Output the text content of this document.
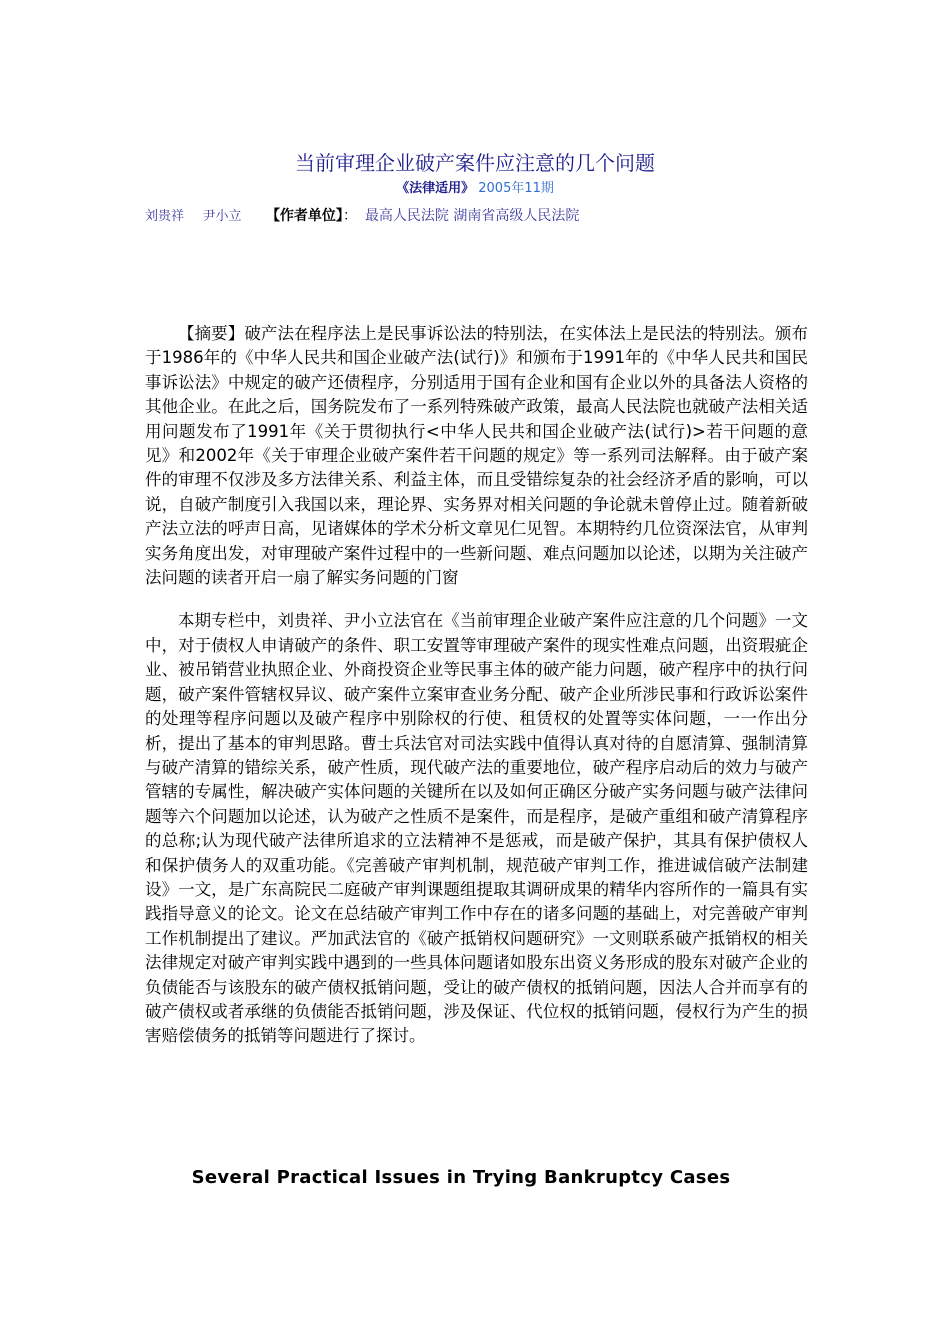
当前审理企业破产案件应注意的几个问题
《法律适用》 2005年11期
刘贵祥 尹小立 【作者单位】： 最高人民法院 湖南省高级人民法院

【摘要】破产法在程序法上是民事诉讼法的特别法，在实体法上是民法的特别法。颁布于1986年的《中华人民共和国企业破产法(试行)》和颁布于1991年的《中华人民共和国民事诉讼法》中规定的破产还债程序，分别适用于国有企业和国有企业以外的具备法人资格的其他企业。在此之后，国务院发布了一系列特殊破产政策，最高人民法院也就破产法相关适用问题发布了1991年《关于贯彻执行<中华人民共和国企业破产法(试行)>若干问题的意见》和2002年《关于审理企业破产案件若干问题的规定》等一系列司法解释。由于破产案件的审理不仅涉及多方法律关系、利益主体，而且受错综复杂的社会经济矛盾的影响，可以说，自破产制度引入我国以来，理论界、实务界对相关问题的争论就未曾停止过。随着新破产法立法的呼声日高，见诸媒体的学术分析文章见仁见智。本期特约几位资深法官，从审判实务角度出发，对审理破产案件过程中的一些新问题、难点问题加以论述，以期为关注破产法问题的读者开启一扇了解实务问题的门窗

本期专栏中，刘贵祥、尹小立法官在《当前审理企业破产案件应注意的几个问题》一文中，对于债权人申请破产的条件、职工安置等审理破产案件的现实性难点问题，出资瑕疵企业、被吊销营业执照企业、外商投资企业等民事主体的破产能力问题，破产程序中的执行问题，破产案件管辖权异议、破产案件立案审查业务分配、破产企业所涉民事和行政诉讼案件的处理等程序问题以及破产程序中别除权的行使、租赁权的处置等实体问题，一一作出分析，提出了基本的审判思路。曹士兵法官对司法实践中值得认真对待的自愿清算、强制清算与破产清算的错综关系，破产性质，现代破产法的重要地位，破产程序启动后的效力与破产管辖的专属性，解决破产实体问题的关键所在以及如何正确区分破产实务问题与破产法律问题等六个问题加以论述，认为破产之性质不是案件，而是程序，是破产重组和破产清算程序的总称;认为现代破产法律所追求的立法精神不是惩戒，而是破产保护，其具有保护债权人和保护债务人的双重功能。《完善破产审判机制，规范破产审判工作，推进诚信破产法制建设》一文，是广东高院民二庭破产审判课题组提取其调研成果的精华内容所作的一篇具有实践指导意义的论文。论文在总结破产审判工作中存在的诸多问题的基础上，对完善破产审判工作机制提出了建议。严加武法官的《破产抵销权问题研究》一文则联系破产抵销权的相关法律规定对破产审判实践中遇到的一些具体问题诸如股东出资义务形成的股东对破产企业的负债能否与该股东的破产债权抵销问题，受让的破产债权的抵销问题，因法人合并而享有的破产债权或者承继的负债能否抵销问题，涉及保证、代位权的抵销问题，侵权行为产生的损害赔偿债务的抵销等问题进行了探讨。

Several Practical Issues in Trying Bankruptcy Cases
